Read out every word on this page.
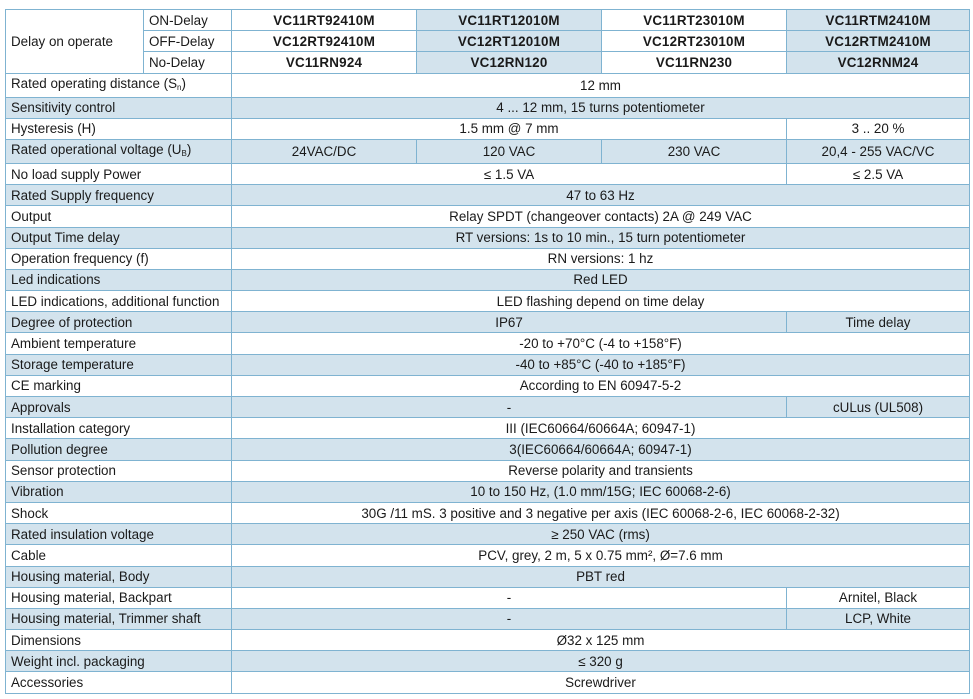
Delay on operate	ON-Delay	VC11RT92410M	VC11RT12010M	VC11RT23010M	VC11RTM2410M
	OFF-Delay	VC12RT92410M	VC12RT12010M	VC12RT23010M	VC12RTM2410M
	No-Delay	VC11RN924	VC12RN120	VC11RN230	VC12RNM24
Rated operating distance $(S_n)$		12 mm			
Sensitivity control		4 ... 12 mm, 15 turns potentiometer			
Hysteresis (H)		1.5 mm @ 7 mm			3 .. 20 %
Rated operational voltage $(U_B)$		24VAC/DC	120 VAC	230 VAC	20,4 - 255 VAC/VC
No load supply Power		≤ 1.5 VA			≤ 2.5 VA
Rated Supply frequency		47 to 63 Hz			
Output		Relay SPDT (changeover contacts) 2A @ 249 VAC			
Output Time delay		RT versions: 1s to 10 min., 15 turn potentiometer			
Operation frequency (f)		RN versions: 1 hz			
Led indications		Red LED			
LED indications, additional function		LED flashing depend on time delay			
Degree of protection		IP67			Time delay
Ambient temperature		-20 to +70°C (-4 to +158°F)			
Storage temperature		-40 to +85°C (-40 to +185°F)			
CE marking		According to EN 60947-5-2			
Approvals		-			cULus (UL508)
Installation category		III (IEC60664/60664A; 60947-1)			
Pollution degree		3(IEC60664/60664A; 60947-1)			
Sensor protection		Reverse polarity and transients			
Vibration		10 to 150 Hz, (1.0 mm/15G; IEC 60068-2-6)			
Shock		30G /11 mS. 3 positive and 3 negative per axis (IEC 60068-2-6, IEC 60068-2-32)			
Rated insulation voltage		≥ 250 VAC (rms)			
Cable		PCV, grey, 2 m, 5 x 0.75 mm², Ø=7.6 mm			
Housing material, Body		PBT red			
Housing material, Backpart		-			Arnitel, Black
Housing material, Trimmer shaft		-			LCP, White
Dimensions		Ø32 x 125 mm			
Weight incl. packaging		≤ 320 g			
Accessories		Screwdriver			
